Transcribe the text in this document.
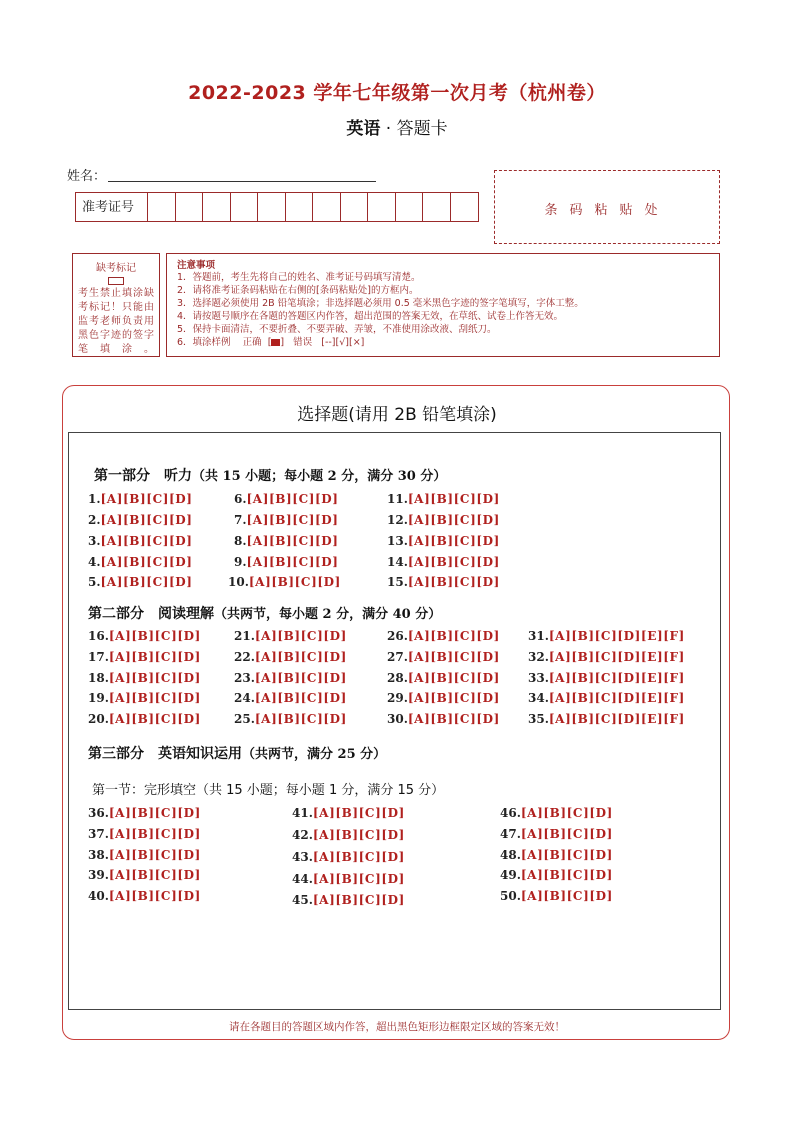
2022-2023 学年七年级第一次月考（杭州卷）
英语 · 答题卡
姓名：
准考证号	条码粘贴处
缺考标记
考生禁止填涂缺考标记！只能由监考老师负责用黑色字迹的签字笔填涂。
注意事项
1．答题前，考生先将自己的姓名、准考证号码填写清楚。
2．请将准考证条码粘贴在右侧的[条码粘贴处]的方框内。
3．选择题必须使用 2B 铅笔填涂；非选择题必须用 0.5 毫米黑色字迹的签字笔填写，字体工整。
4．请按题号顺序在各题的答题区内作答，超出范围的答案无效，在草纸、试卷上作答无效。
5．保持卡面清洁，不要折叠、不要弄破、弄皱，不准使用涂改液、刮纸刀。
6．填涂样例 正确  [ ]   错误 [--][√][×]
选择题(请用 2B 铅笔填涂)
请在各题目的答题区域内作答，超出黑色矩形边框限定区域的答案无效！
第一部分　听力（共 15 小题；每小题 2 分，满分 30 分）
1.[A][B][C][D]
2.[A][B][C][D]
3.[A][B][C][D]
4.[A][B][C][D]
5.[A][B][C][D]
6.[A][B][C][D]
7.[A][B][C][D]
8.[A][B][C][D]
9.[A][B][C][D]
10.[A][B][C][D]
11.[A][B][C][D]
12.[A][B][C][D]
13.[A][B][C][D]
14.[A][B][C][D]
15.[A][B][C][D]
第二部分　阅读理解（共两节，每小题 2 分，满分 40 分）
16.[A][B][C][D]
17.[A][B][C][D]
18.[A][B][C][D]
19.[A][B][C][D]
20.[A][B][C][D]
21.[A][B][C][D]
22.[A][B][C][D]
23.[A][B][C][D]
24.[A][B][C][D]
25.[A][B][C][D]
26.[A][B][C][D]
27.[A][B][C][D]
28.[A][B][C][D]
29.[A][B][C][D]
30.[A][B][C][D]
31.[A][B][C][D][E][F]
32.[A][B][C][D][E][F]
33.[A][B][C][D][E][F]
34.[A][B][C][D][E][F]
35.[A][B][C][D][E][F]
第三部分　英语知识运用（共两节，满分 25 分）
第一节：完形填空（共 15 小题；每小题 1 分，满分 15 分）
36.[A][B][C][D]
37.[A][B][C][D]
38.[A][B][C][D]
39.[A][B][C][D]
40.[A][B][C][D]
41.[A][B][C][D]
42.[A][B][C][D]
43.[A][B][C][D]
44.[A][B][C][D]
45.[A][B][C][D]
46.[A][B][C][D]
47.[A][B][C][D]
48.[A][B][C][D]
49.[A][B][C][D]
50.[A][B][C][D]
